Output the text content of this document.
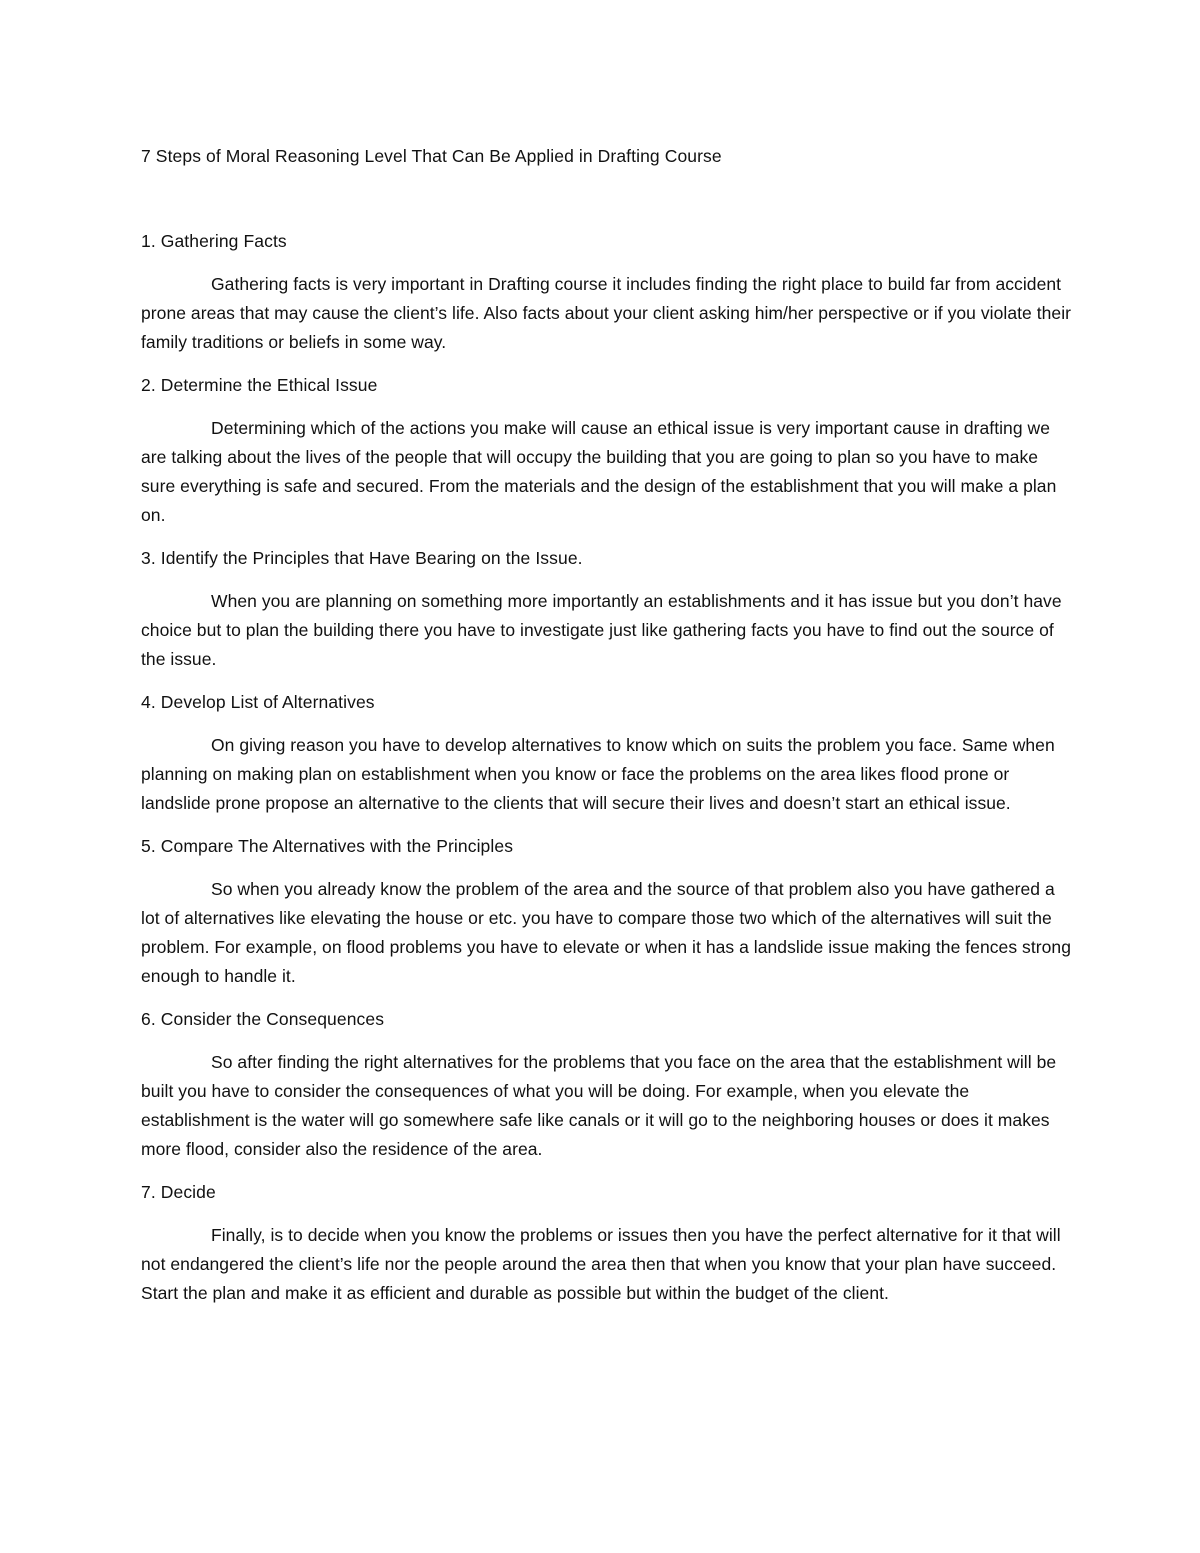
7 Steps of Moral Reasoning Level That Can Be Applied in Drafting Course

1. Gathering Facts

Gathering facts is very important in Drafting course it includes finding the right place to build far from accident prone areas that may cause the client’s life. Also facts about your client asking him/her perspective or if you violate their family traditions or beliefs in some way.

2. Determine the Ethical Issue

Determining which of the actions you make will cause an ethical issue is very important cause in drafting we are talking about the lives of the people that will occupy the building that you are going to plan so you have to make sure everything is safe and secured. From the materials and the design of the establishment that you will make a plan on.

3. Identify the Principles that Have Bearing on the Issue.

When you are planning on something more importantly an establishments and it has issue but you don’t have choice but to plan the building there you have to investigate just like gathering facts you have to find out the source of the issue.

4. Develop List of Alternatives

On giving reason you have to develop alternatives to know which on suits the problem you face. Same when planning on making plan on establishment when you know or face the problems on the area likes flood prone or landslide prone propose an alternative to the clients that will secure their lives and doesn’t start an ethical issue.

5. Compare The Alternatives with the Principles

So when you already know the problem of the area and the source of that problem also you have gathered a lot of alternatives like elevating the house or etc. you have to compare those two which of the alternatives will suit the problem. For example, on flood problems you have to elevate or when it has a landslide issue making the fences strong enough to handle it.

6. Consider the Consequences

So after finding the right alternatives for the problems that you face on the area that the establishment will be built you have to consider the consequences of what you will be doing. For example, when you elevate the establishment is the water will go somewhere safe like canals or it will go to the neighboring houses or does it makes more flood, consider also the residence of the area.

7. Decide

Finally, is to decide when you know the problems or issues then you have the perfect alternative for it that will not endangered the client’s life nor the people around the area then that when you know that your plan have succeed. Start the plan and make it as efficient and durable as possible but within the budget of the client.
